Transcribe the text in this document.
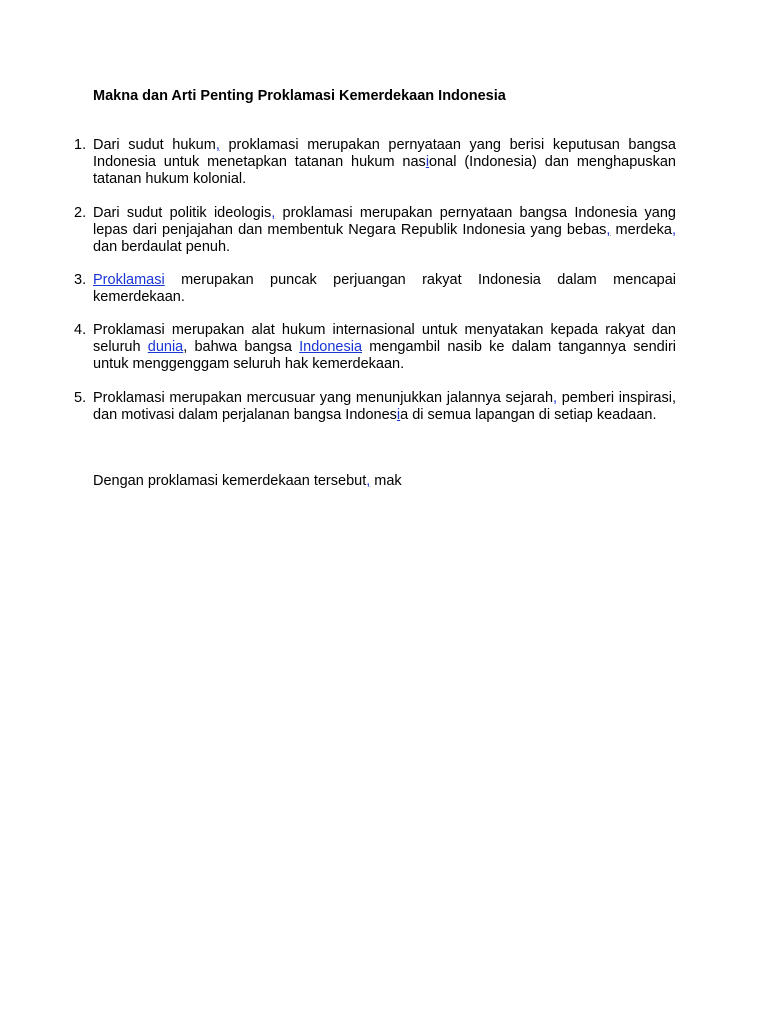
Makna dan Arti Penting Proklamasi Kemerdekaan Indonesia
1. Dari sudut hukum, proklamasi merupakan pernyataan yang berisi keputusan bangsa Indonesia untuk menetapkan tatanan hukum nasional (Indonesia) dan menghapuskan tatanan hukum kolonial.
2. Dari sudut politik ideologis, proklamasi merupakan pernyataan bangsa Indonesia yang lepas dari penjajahan dan membentuk Negara Republik Indonesia yang bebas, merdeka, dan berdaulat penuh.
3. Proklamasi merupakan puncak perjuangan rakyat Indonesia dalam mencapai kemerdekaan.
4. Proklamasi merupakan alat hukum internasional untuk menyatakan kepada rakyat dan seluruh dunia, bahwa bangsa Indonesia mengambil nasib ke dalam tangannya sendiri untuk menggenggam seluruh hak kemerdekaan.
5. Proklamasi merupakan mercusuar yang menunjukkan jalannya sejarah, pemberi inspirasi, dan motivasi dalam perjalanan bangsa Indonesia di semua lapangan di setiap keadaan.
Dengan proklamasi kemerdekaan tersebut, mak
